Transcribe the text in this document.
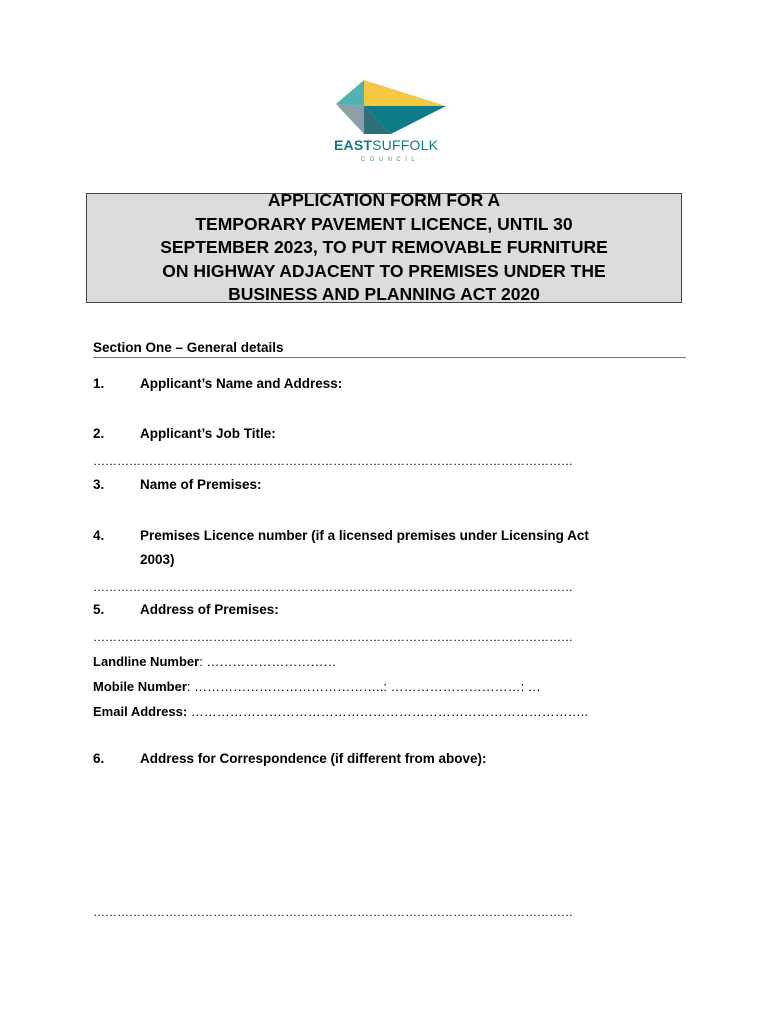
EASTSUFFOLK
COUNCIL
APPLICATION FORM FOR A
TEMPORARY PAVEMENT LICENCE, UNTIL 30
SEPTEMBER 2023, TO PUT REMOVABLE FURNITURE
ON HIGHWAY ADJACENT TO PREMISES UNDER THE
BUSINESS AND PLANNING ACT 2020
Section One – General details
1.	Applicant’s Name and Address:
2.	Applicant’s Job Title:
…………………………………………………………………………………………………………
3.	Name of Premises:
4.	Premises Licence number (if a licensed premises under Licensing Act
2003)
…………………………………………………………………………………………………………
5.	Address of Premises:
…………………………………………………………………………………………………………
Landline Number: …………………………
Mobile Number: ……………………………………..: …………………………: …
Email Address: ………………………………………………………………………………..
6.	Address for Correspondence (if different from above):
…………………………………………………………………………………………………………
